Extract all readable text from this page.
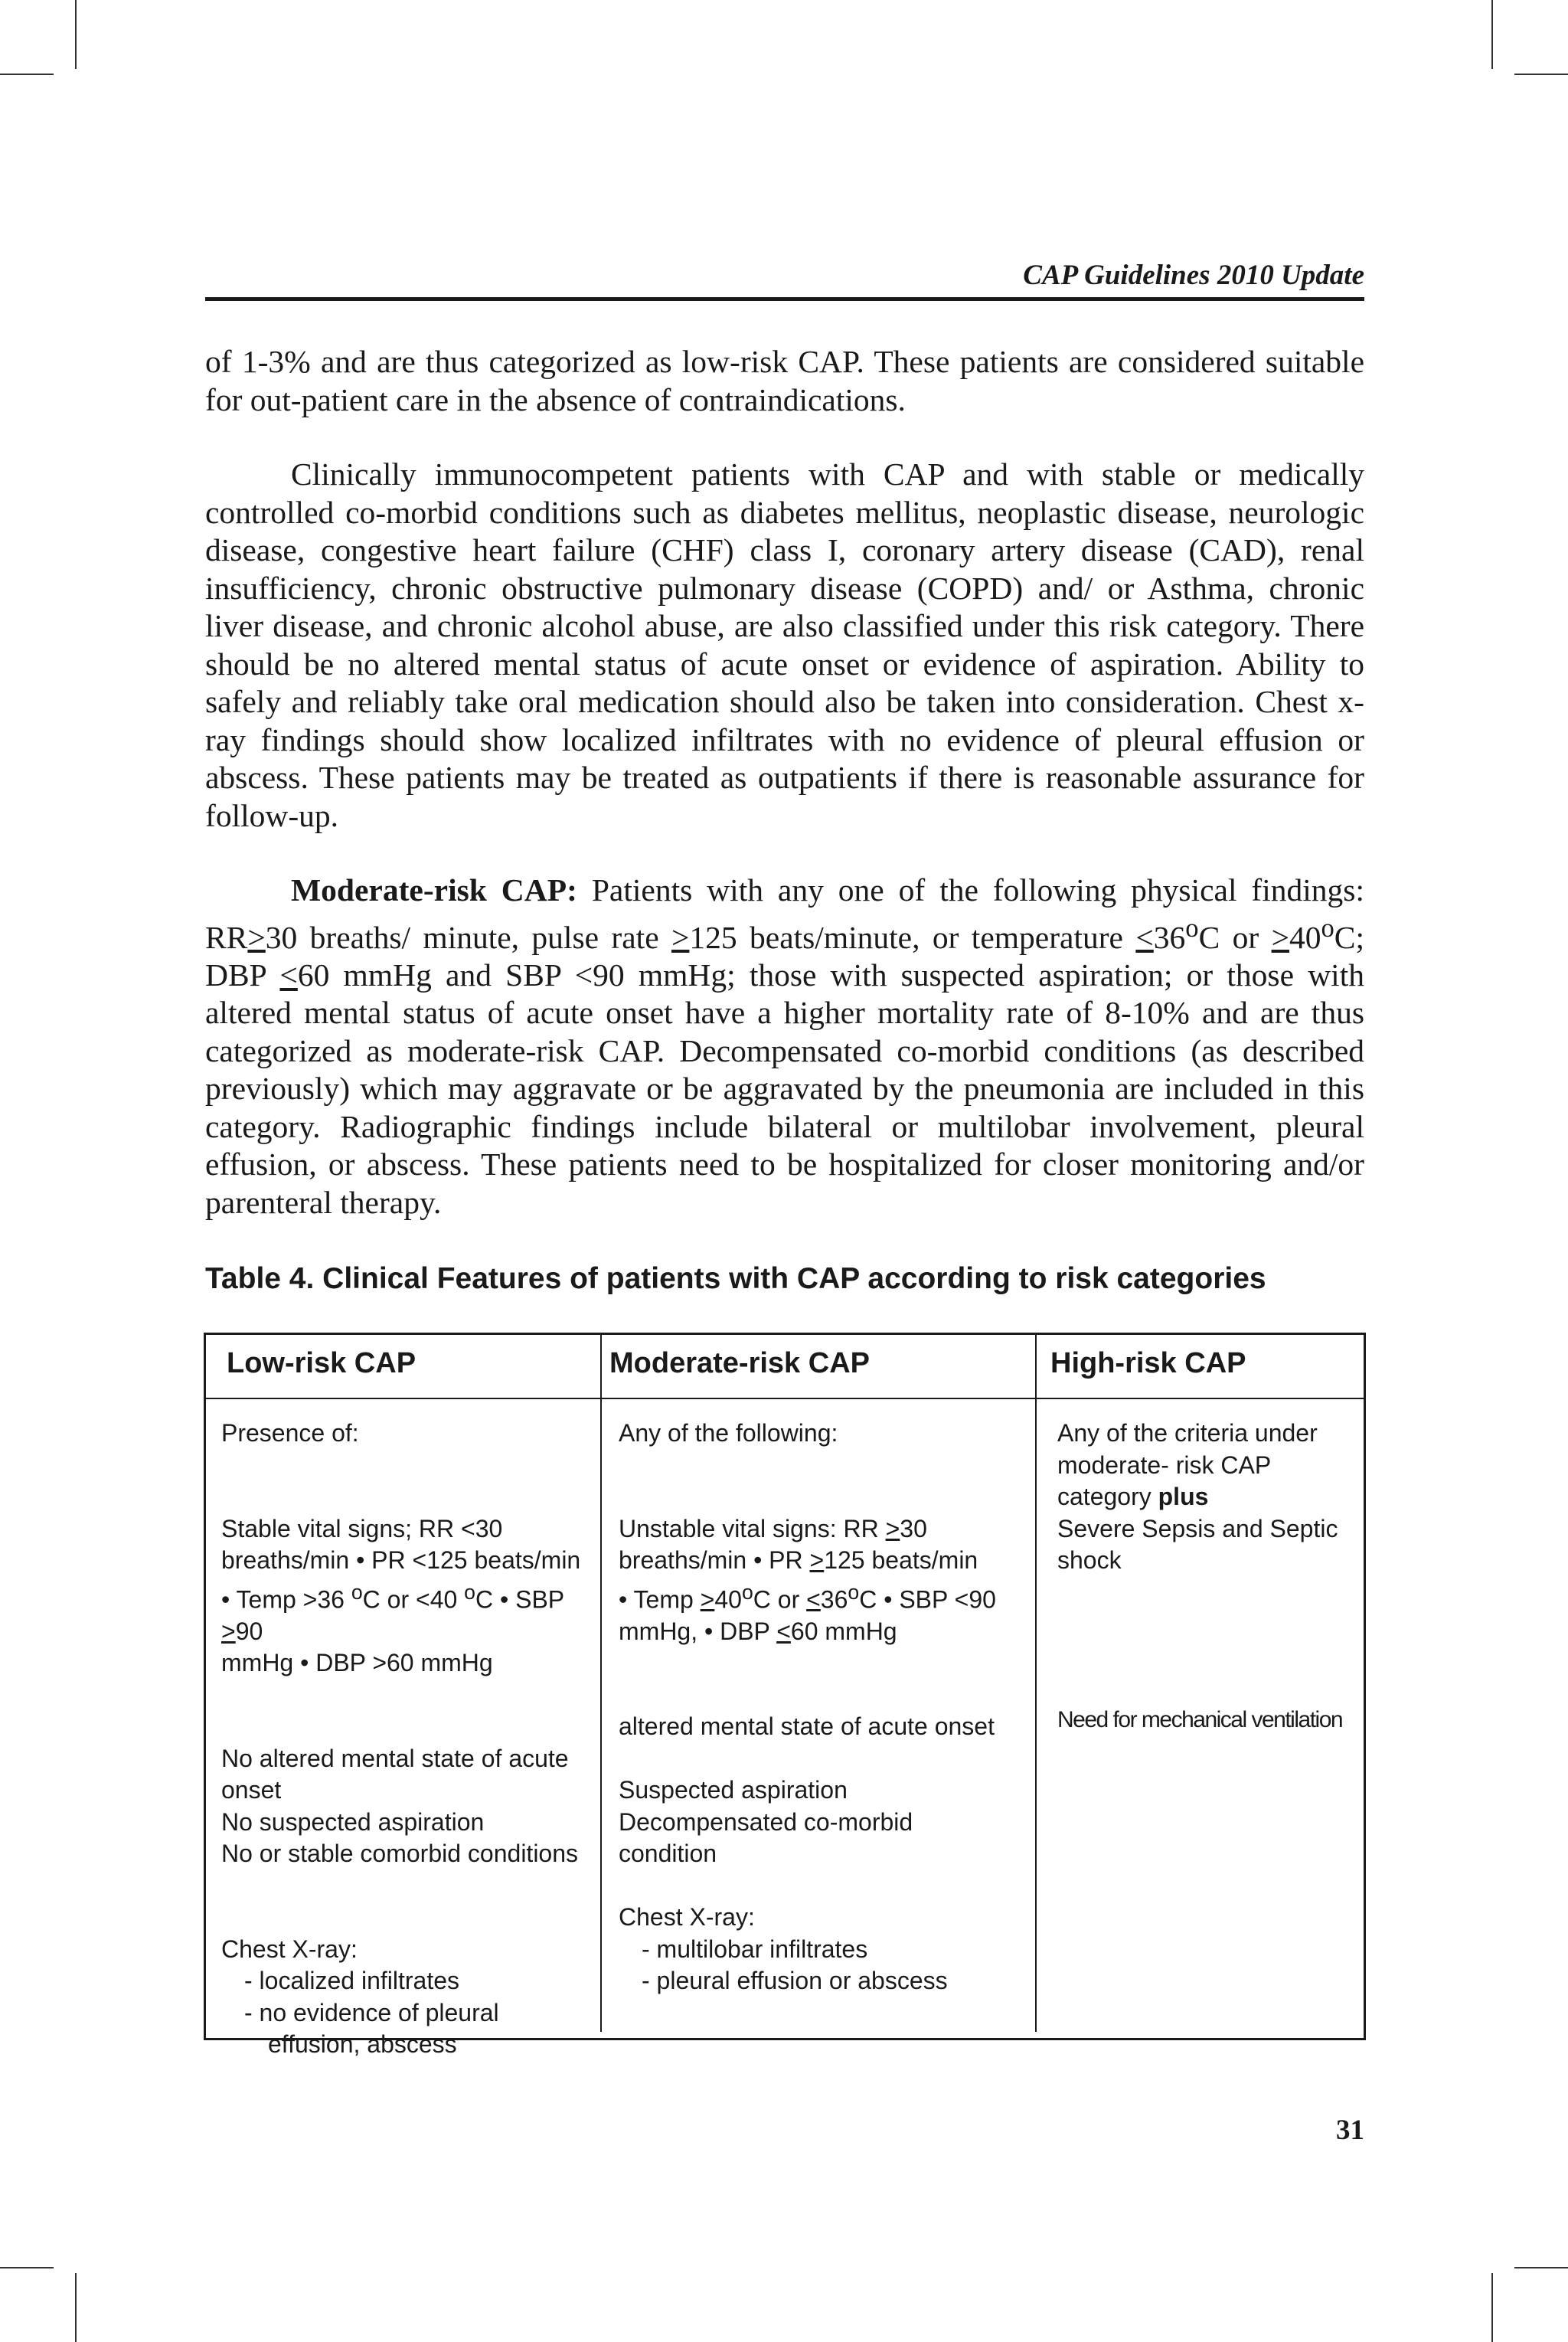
CAP Guidelines 2010 Update

of 1-3% and are thus categorized as low-risk CAP. These patients are considered suitable for out-patient care in the absence of contraindications.

Clinically immunocompetent patients with CAP and with stable or medically controlled co-morbid conditions such as diabetes mellitus, neoplastic disease, neurologic disease, congestive heart failure (CHF) class I, coronary artery disease (CAD), renal insufficiency, chronic obstructive pulmonary disease (COPD) and/ or Asthma, chronic liver disease, and chronic alcohol abuse, are also classified under this risk category. There should be no altered mental status of acute onset or evidence of aspiration. Ability to safely and reliably take oral medication should also be taken into consideration. Chest x-ray findings should show localized infiltrates with no evidence of pleural effusion or abscess. These patients may be treated as outpatients if there is reasonable assurance for follow-up.

Moderate-risk CAP: Patients with any one of the following physical findings: RR>30 breaths/ minute, pulse rate >125 beats/minute, or temperature $<36^oC$ or $>40^oC$; DBP <60 mmHg and SBP <90 mmHg; those with suspected aspiration; or those with altered mental status of acute onset have a higher mortality rate of 8-10% and are thus categorized as moderate-risk CAP. Decompensated co-morbid conditions (as described previously) which may aggravate or be aggravated by the pneumonia are included in this category. Radiographic findings include bilateral or multilobar involvement, pleural effusion, or abscess. These patients need to be hospitalized for closer monitoring and/or parenteral therapy.

Table 4. Clinical Features of patients with CAP according to risk categories
Low-risk CAP	Moderate-risk CAP	High-risk CAP
Presence of:
Stable vital signs; RR <30
breaths/min • PR <125 beats/min
• Temp >36 $^o$C or <40 $^o$C • SBP >90
mmHg • DBP >60 mmHg
No altered mental state of acute
onset
No suspected aspiration
No or stable comorbid conditions
Chest X-ray:
- localized infiltrates
- no evidence of pleural
effusion, abscess
Any of the following:
Unstable vital signs: RR >30
breaths/min • PR >125 beats/min
• Temp $>40^oC$ or $<36^oC$ • SBP <90
mmHg, • DBP <60 mmHg
altered mental state of acute onset
Suspected aspiration
Decompensated co-morbid
condition
Chest X-ray:
- multilobar infiltrates
- pleural effusion or abscess
Any of the criteria under
moderate- risk CAP
category plus
Severe Sepsis and Septic
shock
Need for mechanical ventilation
31
